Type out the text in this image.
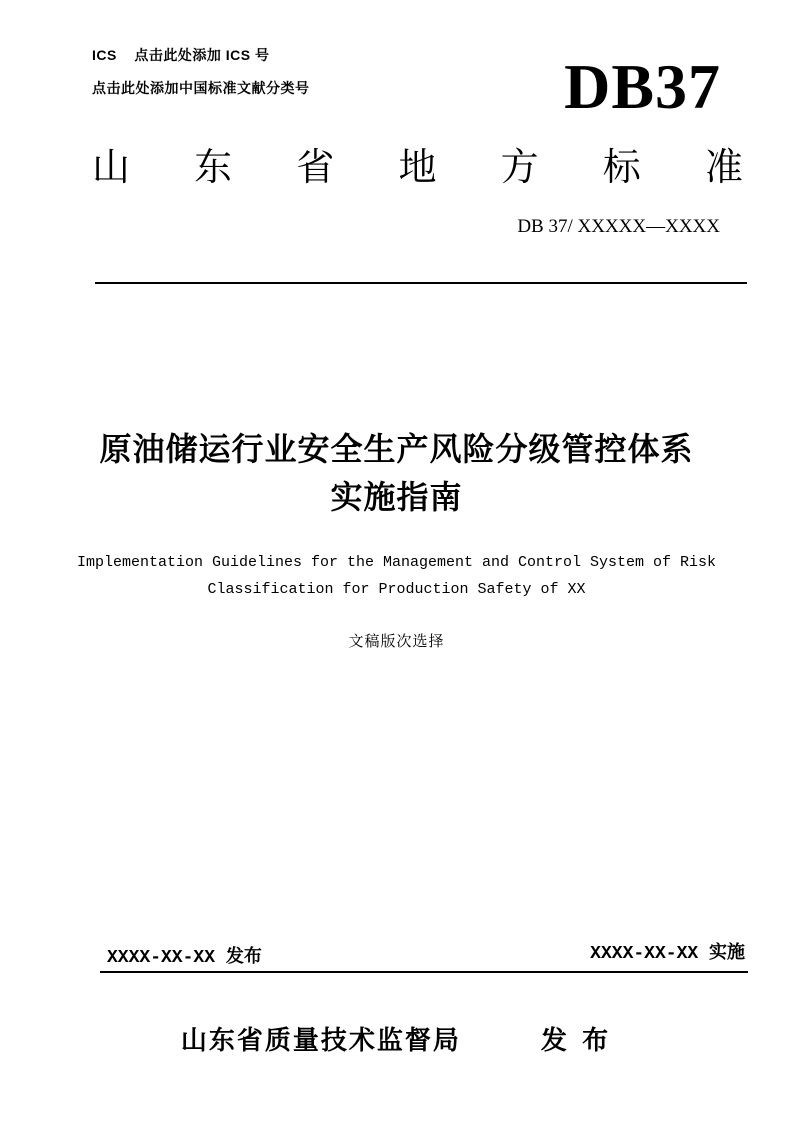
ICS    点击此处添加 ICS 号
点击此处添加中国标准文献分类号	DB37
山 东 省 地 方 标 准
DB 37/ XXXXX—XXXX
原油储运行业安全生产风险分级管控体系
实施指南
Implementation Guidelines for the Management and Control System of Risk
Classification for Production Safety of XX
文稿版次选择
XXXX-XX-XX 发布	XXXX-XX-XX 实施
山东省质量技术监督局	发 布
